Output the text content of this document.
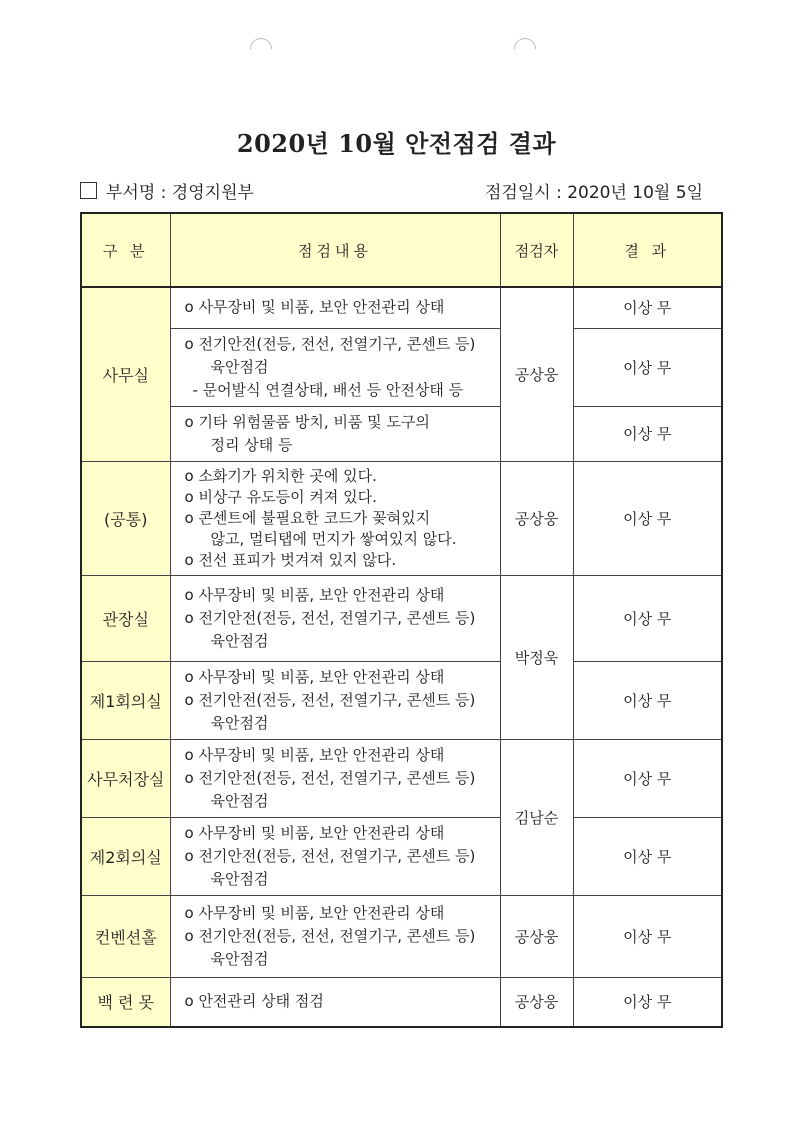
2020년 10월 안전점검 결과
부서명 : 경영지원부	점검일시 : 2020년 10월 5일
구 분	점검내용	점검자	결 과
사무실	o 사무장비 및 비품, 보안 안전관리 상태	공상웅	이상 무

	o 전기안전(전등, 전선, 전열기구, 콘센트 등)
육안점검
- 문어발식 연결상태, 배선 등 안전상태 등		이상 무

	o 기타 위험물품 방치, 비품 및 도구의
정리 상태 등		이상 무
(공통)	o 소화기가 위치한 곳에 있다.
o 비상구 유도등이 켜져 있다.
o 콘센트에 불필요한 코드가 꽂혀있지
않고, 멀티탭에 먼지가 쌓여있지 않다.
o 전선 표피가 벗겨져 있지 않다.	공상웅	이상 무
관장실	o 사무장비 및 비품, 보안 안전관리 상태
o 전기안전(전등, 전선, 전열기구, 콘센트 등)
육안점검	박정욱	이상 무
제1회의실	o 사무장비 및 비품, 보안 안전관리 상태
o 전기안전(전등, 전선, 전열기구, 콘센트 등)
육안점검		이상 무
사무처장실	o 사무장비 및 비품, 보안 안전관리 상태
o 전기안전(전등, 전선, 전열기구, 콘센트 등)
육안점검	김남순	이상 무
제2회의실	o 사무장비 및 비품, 보안 안전관리 상태
o 전기안전(전등, 전선, 전열기구, 콘센트 등)
육안점검		이상 무
컨벤션홀	o 사무장비 및 비품, 보안 안전관리 상태
o 전기안전(전등, 전선, 전열기구, 콘센트 등)
육안점검	공상웅	이상 무
백 련 못	o 안전관리 상태 점검	공상웅	이상 무
